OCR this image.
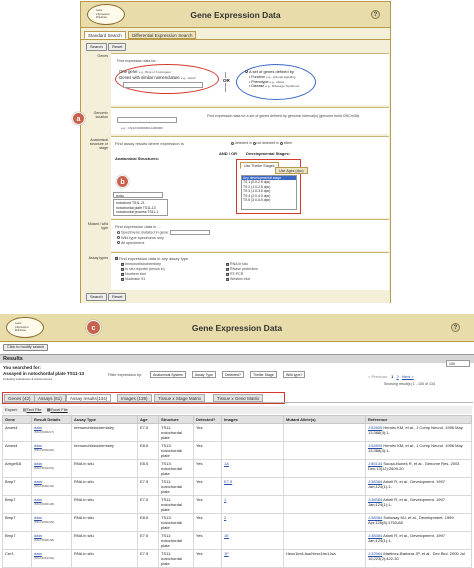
Gene
eXpression
Database	Gene Expression Data	?
Standard Search	Differential Expression Search
Search	Reset
Genes
Find expression data for...
One gene e.g., Bmp or 6 strongest
Genes with similar nomenclature e.g., Hoxa*	OR
A set of genes defined by
• Function e.g., cell-cell signaling
• Phenotype e.g., obese
• Disease e.g., DiGeorge Syndrome
a
Genomic location	Find expression data for a set of genes defined by genomic interval(s) (genome build GRCm38).
e.g., Chr12:30000000-1000000
Anatomical structure or stage
Find assay results where expression is	detected in not detected in either
Anatomical Structures:
AND / OR Developmental Stages:
b
noto
notochord TS11-21
notochordal plate TS11-13
notochordal process TS11-1
Use Theiler Stages
Use Ages (dpc)
Any developmental stage
TS 1 (0.0-2.5 dpc)
TS 2 (1.0-2.5 dpc)
TS 3 (1.0-3.5 dpc)
TS 4 (2.0-4.0 dpc)
TS 5 (3.0-5.5 dpc)
Mutant / wild type Find expression data in ...
Specimens mutated in gene:
Wild type specimens only
All specimens
Assay types ✓	Find expression data in any assay type
✓Immunohistochemistry
✓In situ reporter (knock in)
✓Northern blot
✓Nuclease S1
✓RNA in situ
✓RNase protection
✓RT-PCR
✓Western blot
Search	Reset
Gene
eXpression
Database	c	Gene Expression Data	?
Click to modify search
Results
You searched for:
Assayed in notochordal plate TS11-13
including subclasses & substructures
Filter expression by:	Anatomical System	Assay Type	Detected?	Theiler Stage	Wild type?	< Previous 1 2 Next >
100
Showing result(s) 1 - 100 of 134
Genes (42)	Assays (61)	Assay results(134)	Images (139)	Tissue x Stage Matrix	Tissue x Gene Matrix
Export: ▤Text File ▦Excel File
Gene	Result Details	Assay Type	Age	Structure	Detected?	Images	Mutant Allele(s)	Reference
Arxes4	data
(MGI:3690217)	Immunohistochemistry	E7.5	TS11: notochordal plate	Yes			J:52805 Hemirx KM, et al., J Comp Neurol. 1996 May 13;368(4):1-
Arxes4	data
(MGI:3690220)	Immunohistochemistry	E8.5	TS13: notochordal plate	Yes			J:52805 Hemirx KM, et al., J Comp Neurol. 1996 May 13;368(4):1-
Arhgef16	data
(MGI:3691301)	RNA in situ	E8.5	TS13: notochordal plate	Yes	1A		J:85134 Sousa-Nunes R, et al., Genome Res. 2003 Dec;13(12):2609-20
Bmp7	data
(MGI:3690130)	RNA in situ	E7.5	TS11: notochordal plate	Yes	E7.5		J:38384 Arkell R, et al., Development. 1997 Jan;124(1):1-
Bmp7	data
(MGI:3690148)	RNA in situ	E7.5	TS11: notochordal plate	Yes	1		J:38384 Arkell R, et al., Development. 1997 Jan;124(1):1-
Bmp7	data
(MGI:3690129)	RNA in situ	E8.5	TS13: notochordal plate	Yes	2		J:38384 Solloway MJ, et al., Development. 1999 Apr;126(8):1753-68
Bmp7	data
(MGI:3690158)	RNA in situ	E7.5	TS11: notochordal plate	Yes	1E		J:38384 Arkell R, et al., Development. 1997 Jan;124(1):1-
Cer1	data
(MGI:3691304)	RNA in situ	E7.5	TS11: notochordal plate	Yes	1F	Hesx1tm1Jsa/Hesx1tm1Jsa	J:32564 Martinez-Barbera JP, et al., Dev Biol. 2000 Jul 15;223(2):422-30
